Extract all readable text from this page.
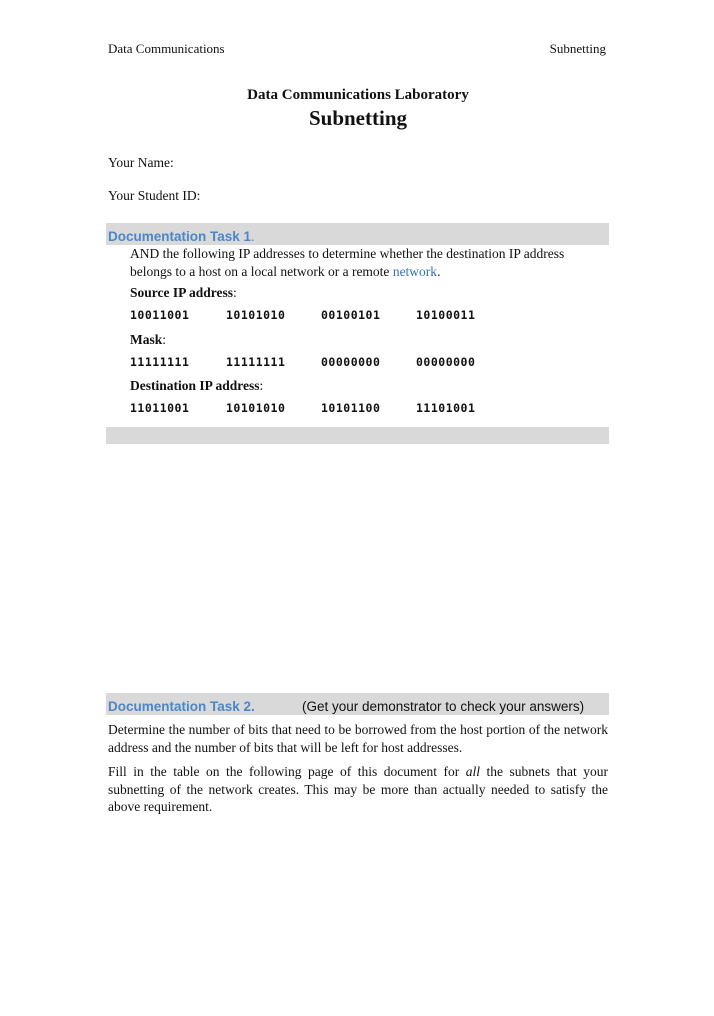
Data Communications	Subnetting
Data Communications Laboratory
Subnetting
Your Name:
Your Student ID:
Documentation Task 1.
AND the following IP addresses to determine whether the destination IP address
belongs to a host on a local network or a remote network.
Source IP address:
10011001	10101010	00100101	10100011
Mask:
11111111	11111111	00000000	00000000
Destination IP address:
11011001	10101010	10101100	11101001
Documentation Task 2.	(Get your demonstrator to check your answers)
Determine the number of bits that need to be borrowed from the host portion of the network address and the number of bits that will be left for host addresses.
Fill in the table on the following page of this document for all the subnets that your subnetting of the network creates. This may be more than actually needed to satisfy the above requirement.
